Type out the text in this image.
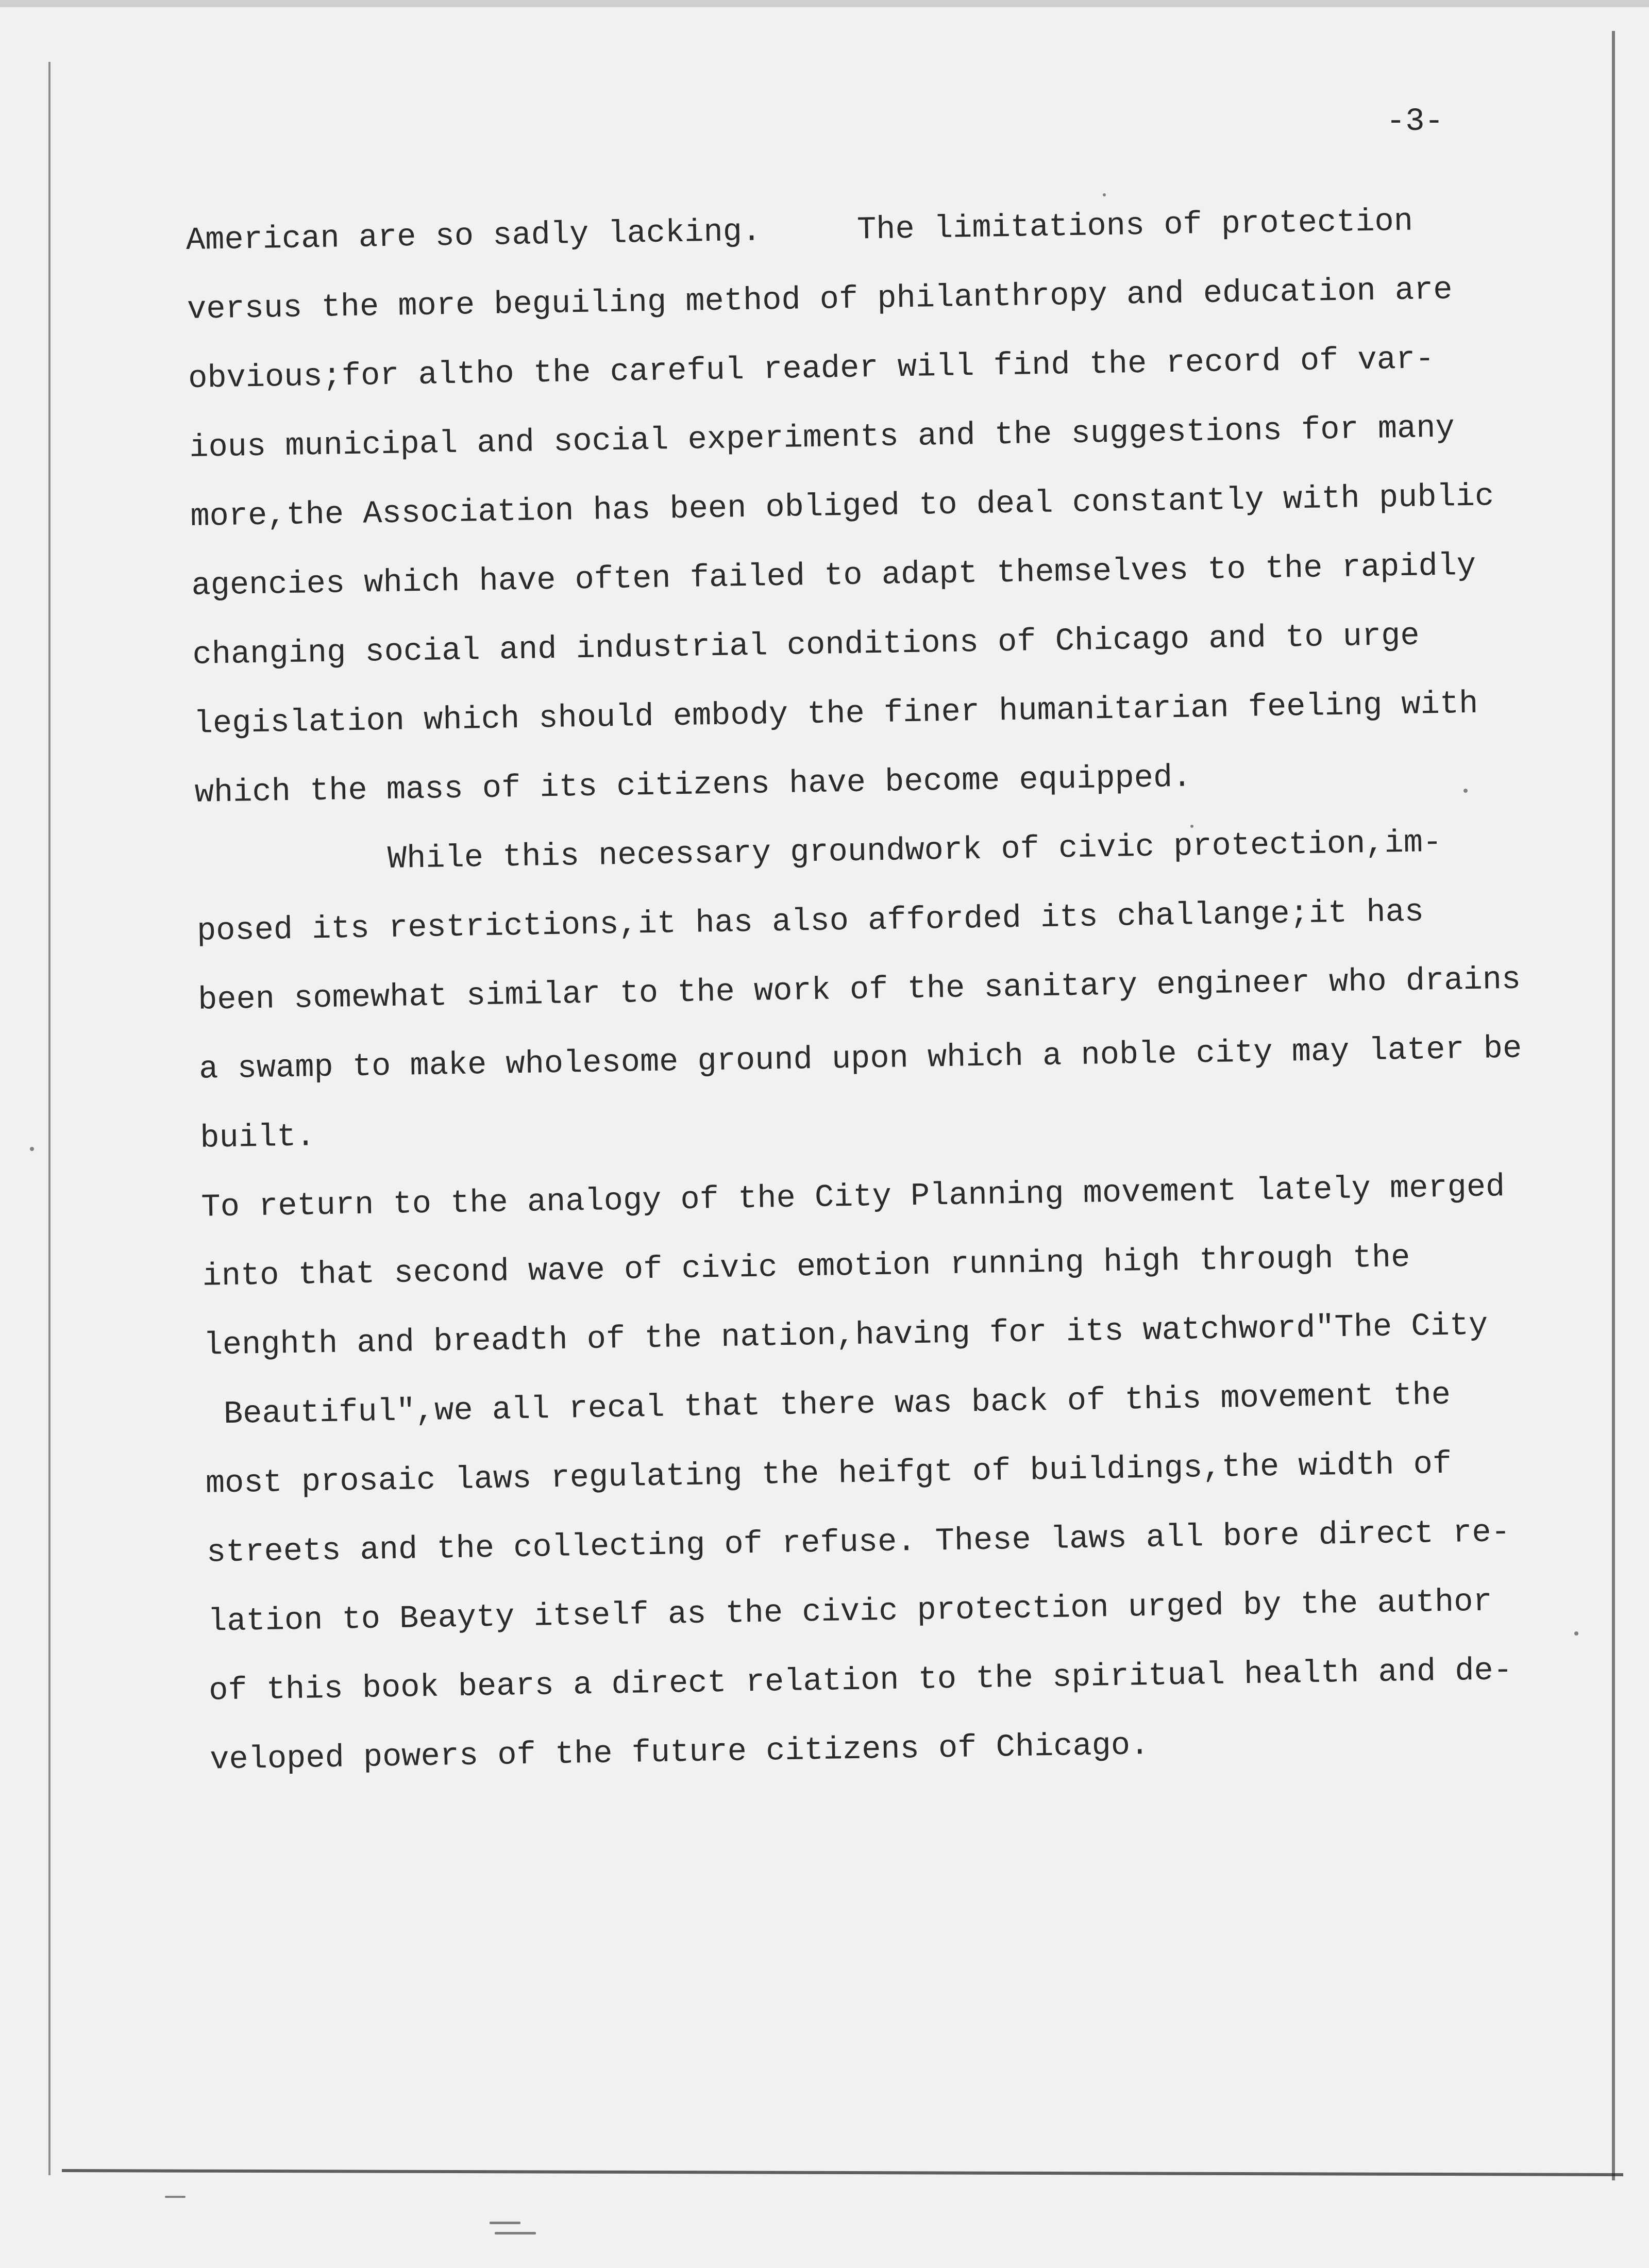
-3-
American are so sadly lacking.     The limitations of protection
versus the more beguiling method of philanthropy and education are
obvious;for altho the careful reader will find the record of var-
ious municipal and social experiments and the suggestions for many
more,the Association has been obliged to deal constantly with public
agencies which have often failed to adapt themselves to the rapidly
changing social and industrial conditions of Chicago and to urge
legislation which should embody the finer humanitarian feeling with
which the mass of its citizens have become equipped.
While this necessary groundwork of civic protection,im-
posed its restrictions,it has also afforded its challange;it has
been somewhat similar to the work of the sanitary engineer who drains
a swamp to make wholesome ground upon which a noble city may later be
built.
To return to the analogy of the City Planning movement lately merged
into that second wave of civic emotion running high through the
lenghth and breadth of the nation,having for its watchword"The City
Beautiful",we all recal that there was back of this movement the
most prosaic laws regulating the heifgt of buildings,the width of
streets and the collecting of refuse. These laws all bore direct re-
lation to Beayty itself as the civic protection urged by the author
of this book bears a direct relation to the spiritual health and de-
veloped powers of the future citizens of Chicago.
